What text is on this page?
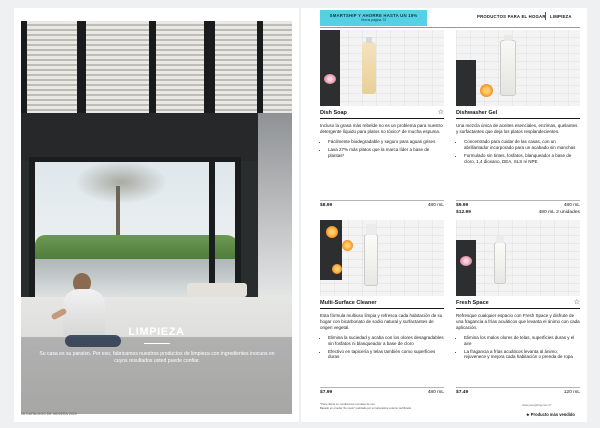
LIMPIEZA
Su casa es su paraíso. Por eso, fabricamos nuestros productos de limpieza con ingredientes inocuos en cuyos resultados usted puede confiar.
16 CATÁLOGO DE MOJERA 2020
SMARTSHIP Y AHORRE HASTA UN 15%
Vea la página 72
PRODUCTOS PARA EL HOGAR LIMPIEZA
Dish Soap	☆
Incluso la grasa más rebelde no es un problema para nuestro detergente líquido para platos no tóxico* de mucha espuma.
• Fácilmente biodegradable y seguro para aguas grises
• Lava 27% más platos que la marca líder a base de plantas*
$8.99	480 mL
Dishwasher Gel
Una mezcla única de aceites esenciales, enzimas, quelantes y surfactantes que deja los platos resplandecientes.
• Concentrado para cuidar de las casas, con un abrillantador incorporado para un acabado sin manchas
• Formulado sin tintes, fosfatos, blanqueador a base de cloro, 1,4 dioxano, DEA, SLS ni NPE
$9.99	480 mL
$12.99	480 mL 2 unidades
Multi-Surface Cleaner
Esta fórmula multiuso limpia y refresca cada habitación de su hogar con bicarbonato de sodio natural y surfactantes de origen vegetal.
• Elimina la suciedad y acaba con los olores desagradables sin fosfatos ni blanqueador a base de cloro
• Efectivo en tapicería y telas también como superficies duras
$7.99	480 mL
Fresh Space	☆
Refresque cualquier espacio con Fresh Space y disfrute de una fragancia a frías acuáticos que levanta el ánimo con cada aplicación.
• Elimina los malos olores de telas, superficies duras y el aire
• La fragancia a frías acuáticos levanta al ánimo, rejuvenece y mejora cada habitación o prenda de ropa
$7.49	120 mL
*Para cliente en condiciones normales de uso.
Basado en prueba "de vuelo" realizada por un laboratorio externo certificado.
www.youngliving.com 17
★ Producto más vendido
